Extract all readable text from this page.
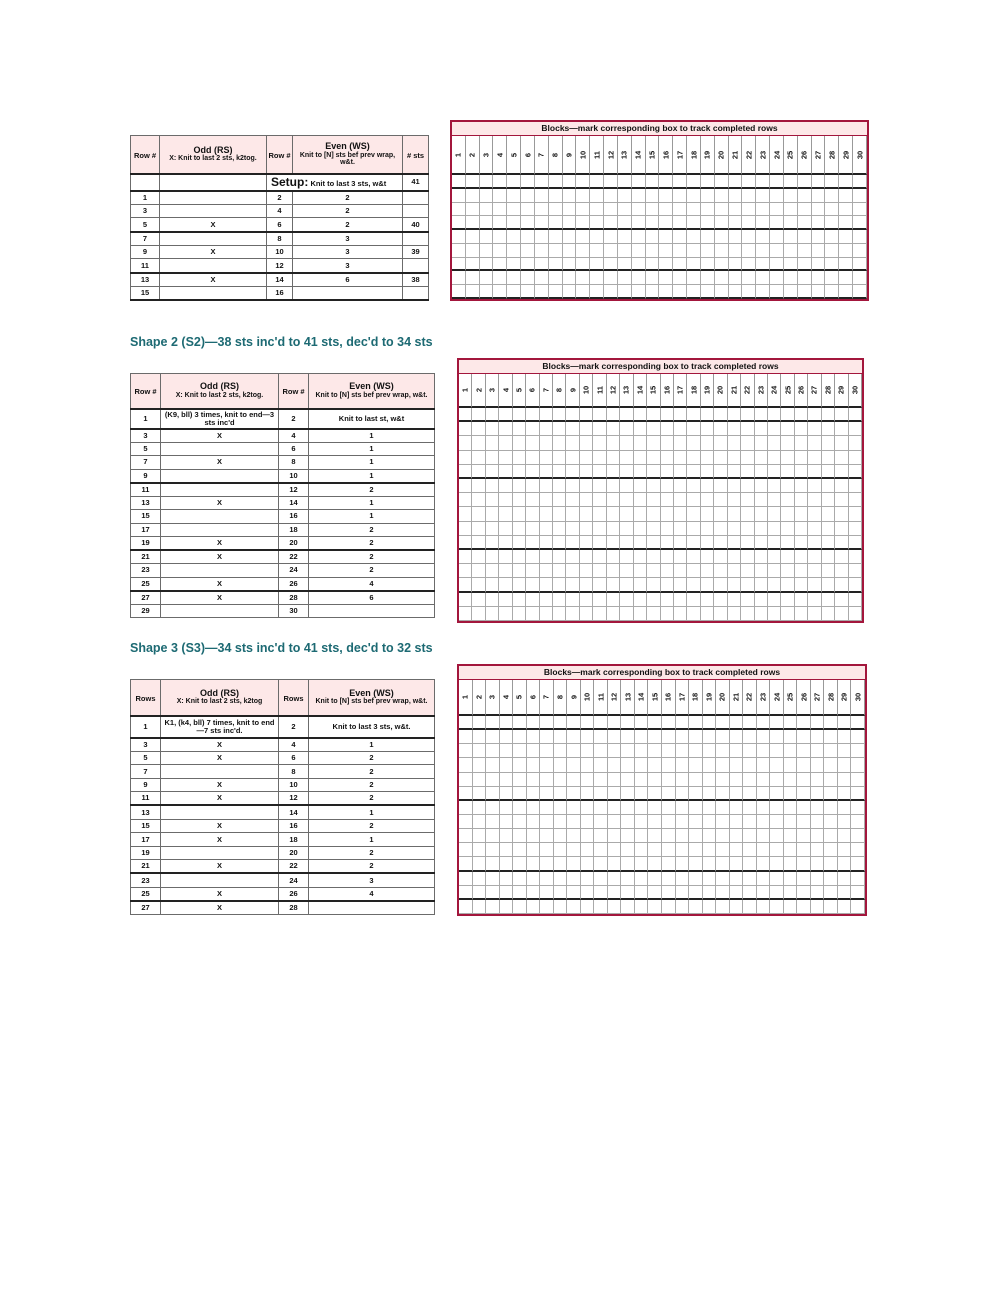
Row #	Odd (RS)
X: Knit to last 2 sts, k2tog.	Row #	Even (WS)
Knit to [N] sts bef prev wrap, w&t.	# sts
		Setup: Knit to last 3 sts, w&t		41
1		2	2	
3		4	2	
5	X	6	2	40
7		8	3	
9	X	10	3	39
11		12	3	
13	X	14	6	38
15		16		
Blocks—mark corresponding box to track completed rows
1 2 3 4 5 6 7 8 9 10 11 12 13 14 15 16 17 18 19 20 21 22 23 24 25 26 27 28 29 30
Shape 2 (S2)—38 sts inc'd to 41 sts, dec'd to 34 sts
Row #	Odd (RS)
X: Knit to last 2 sts, k2tog.	Row #	Even (WS)
Knit to [N] sts bef prev wrap, w&t.

1	(K9, bll) 3 times, knit to end—3 sts inc'd	2	Knit to last st, w&t	
3	X	4	1	
5		6	1	
7	X	8	1	
9		10	1	
11		12	2	
13	X	14	1	
15		16	1	
17		18	2	
19	X	20	2	
21	X	22	2	
23		24	2	
25	X	26	4	
27	X	28	6	
29		30		
Blocks—mark corresponding box to track completed rows
1 2 3 4 5 6 7 8 9 10 11 12 13 14 15 16 17 18 19 20 21 22 23 24 25 26 27 28 29 30
Shape 3 (S3)—34 sts inc'd to 41 sts, dec'd to 32 sts
Rows	Odd (RS)
X: Knit to last 2 sts, k2tog	Rows	Even (WS)
Knit to [N] sts bef prev wrap, w&t.

1	K1, (k4, bll) 7 times, knit to end—7 sts inc'd.	2	Knit to last 3 sts, w&t.	
3	X	4	1	
5	X	6	2	
7		8	2	
9	X	10	2	
11	X	12	2	
13		14	1	
15	X	16	2	
17	X	18	1	
19		20	2	
21	X	22	2	
23		24	3	
25	X	26	4	
27	X	28		
Blocks—mark corresponding box to track completed rows
1 2 3 4 5 6 7 8 9 10 11 12 13 14 15 16 17 18 19 20 21 22 23 24 25 26 27 28 29 30
